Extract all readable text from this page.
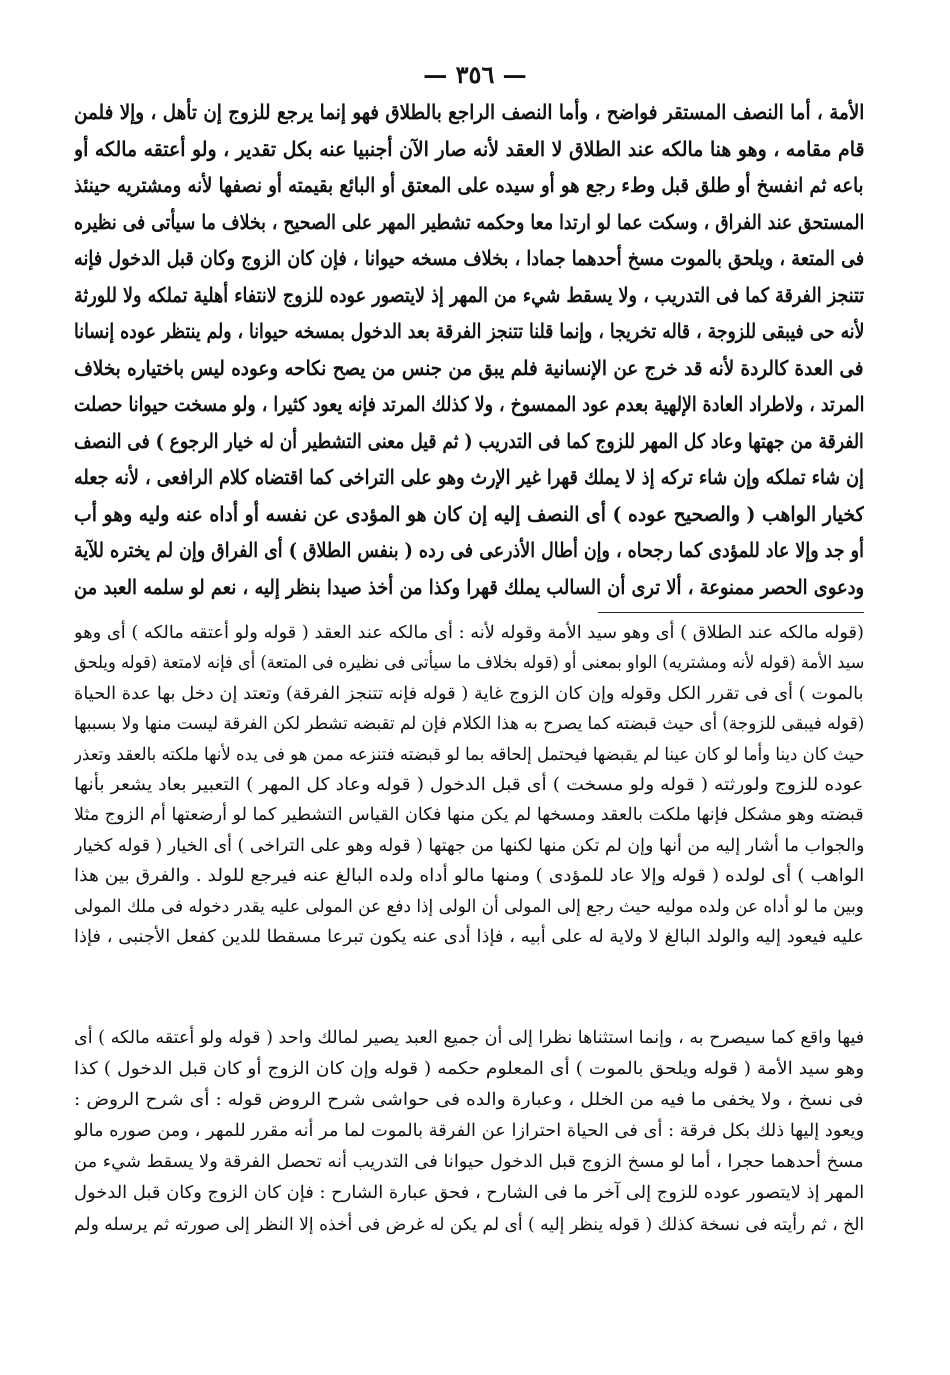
— ٣٥٦ —
الأمة ، أما النصف المستقر فواضح ، وأما النصف الراجع بالطلاق فهو إنما يرجع للزوج إن تأهل ، وإلا فلمن
قام مقامه ، وهو هنا مالكه عند الطلاق لا العقد لأنه صار الآن أجنبيا عنه بكل تقدير ، ولو أعتقه مالكه أو
باعه ثم انفسخ أو طلق قبل وطء رجع هو أو سيده على المعتق أو البائع بقيمته أو نصفها لأنه ومشتريه حينئذ
المستحق عند الفراق ، وسكت عما لو ارتدا معا وحكمه تشطير المهر على الصحيح ، بخلاف ما سيأتى فى نظيره
فى المتعة ، ويلحق بالموت مسخ أحدهما جمادا ، بخلاف مسخه حيوانا ، فإن كان الزوج وكان قبل الدخول فإنه
تتنجز الفرقة كما فى التدريب ، ولا يسقط شيء من المهر إذ لايتصور عوده للزوج لانتفاء أهلية تملكه ولا للورثة
لأنه حى فيبقى للزوجة ، قاله تخريجا ، وإنما قلنا تتنجز الفرقة بعد الدخول بمسخه حيوانا ، ولم ينتظر عوده إنسانا
فى العدة كالردة لأنه قد خرج عن الإنسانية فلم يبق من جنس من يصح نكاحه وعوده ليس باختياره بخلاف
المرتد ، ولاطراد العادة الإلهية بعدم عود الممسوخ ، ولا كذلك المرتد فإنه يعود كثيرا ، ولو مسخت حيوانا حصلت
الفرقة من جهتها وعاد كل المهر للزوج كما فى التدريب ( ثم قيل معنى التشطير أن له خيار الرجوع ) فى النصف
إن شاء تملكه وإن شاء تركه إذ لا يملك قهرا غير الإرث وهو على التراخى كما اقتضاه كلام الرافعى ، لأنه جعله
كخيار الواهب ( والصحيح عوده ) أى النصف إليه إن كان هو المؤدى عن نفسه أو أداه عنه وليه وهو أب
أو جد وإلا عاد للمؤدى كما رجحاه ، وإن أطال الأذرعى فى رده ( بنفس الطلاق ) أى الفراق وإن لم يختره للآية
ودعوى الحصر ممنوعة ، ألا ترى أن السالب يملك قهرا وكذا من أخذ صيدا بنظر إليه ، نعم لو سلمه العبد من
(قوله مالكه عند الطلاق ) أى وهو سيد الأمة وقوله لأنه : أى مالكه عند العقد ( قوله ولو أعتقه مالكه ) أى وهو
سيد الأمة (قوله لأنه ومشتريه) الواو بمعنى أو (قوله بخلاف ما سيأتى فى نظيره فى المتعة) أى فإنه لامتعة (قوله ويلحق
بالموت ) أى فى تقرر الكل وقوله وإن كان الزوج غاية ( قوله فإنه تتنجز الفرقة) وتعتد إن دخل بها عدة الحياة
(قوله فيبقى للزوجة) أى حيث قبضته كما يصرح به هذا الكلام فإن لم تقبضه تشطر لكن الفرقة ليست منها ولا بسببها
حيث كان دينا وأما لو كان عينا لم يقبضها فيحتمل إلحاقه بما لو قبضته فتنزعه ممن هو فى يده لأنها ملكته بالعقد وتعذر
عوده للزوج ولورثته ( قوله ولو مسخت ) أى قبل الدخول ( قوله وعاد كل المهر ) التعبير بعاد يشعر بأنها
قبضته وهو مشكل فإنها ملكت بالعقد ومسخها لم يكن منها فكان القياس التشطير كما لو أرضعتها أم الزوج مثلا
والجواب ما أشار إليه من أنها وإن لم تكن منها لكنها من جهتها ( قوله وهو على التراخى ) أى الخيار ( قوله كخيار
الواهب ) أى لولده ( قوله وإلا عاد للمؤدى ) ومنها مالو أداه ولده البالغ عنه فيرجع للولد . والفرق بين هذا
وبين ما لو أداه عن ولده موليه حيث رجع إلى المولى أن الولى إذا دفع عن المولى عليه يقدر دخوله فى ملك المولى
عليه فيعود إليه والولد البالغ لا ولاية له على أبيه ، فإذا أدى عنه يكون تبرعا مسقطا للدين كفعل الأجنبى ، فإذا
فيها واقع كما سيصرح به ، وإنما استثناها نظرا إلى أن جميع العبد يصير لمالك واحد ( قوله ولو أعتقه مالكه ) أى
وهو سيد الأمة ( قوله ويلحق بالموت ) أى المعلوم حكمه ( قوله وإن كان الزوج أو كان قبل الدخول ) كذا
فى نسخ ، ولا يخفى ما فيه من الخلل ، وعبارة والده فى حواشى شرح الروض قوله : أى شرح الروض :
ويعود إليها ذلك بكل فرقة : أى فى الحياة احترازا عن الفرقة بالموت لما مر أنه مقرر للمهر ، ومن صوره مالو
مسخ أحدهما حجرا ، أما لو مسخ الزوج قبل الدخول حيوانا فى التدريب أنه تحصل الفرقة ولا يسقط شيء من
المهر إذ لايتصور عوده للزوج إلى آخر ما فى الشارح ، فحق عبارة الشارح : فإن كان الزوج وكان قبل الدخول
الخ ، ثم رأيته فى نسخة كذلك ( قوله ينظر إليه ) أى لم يكن له غرض فى أخذه إلا النظر إلى صورته ثم يرسله ولم
